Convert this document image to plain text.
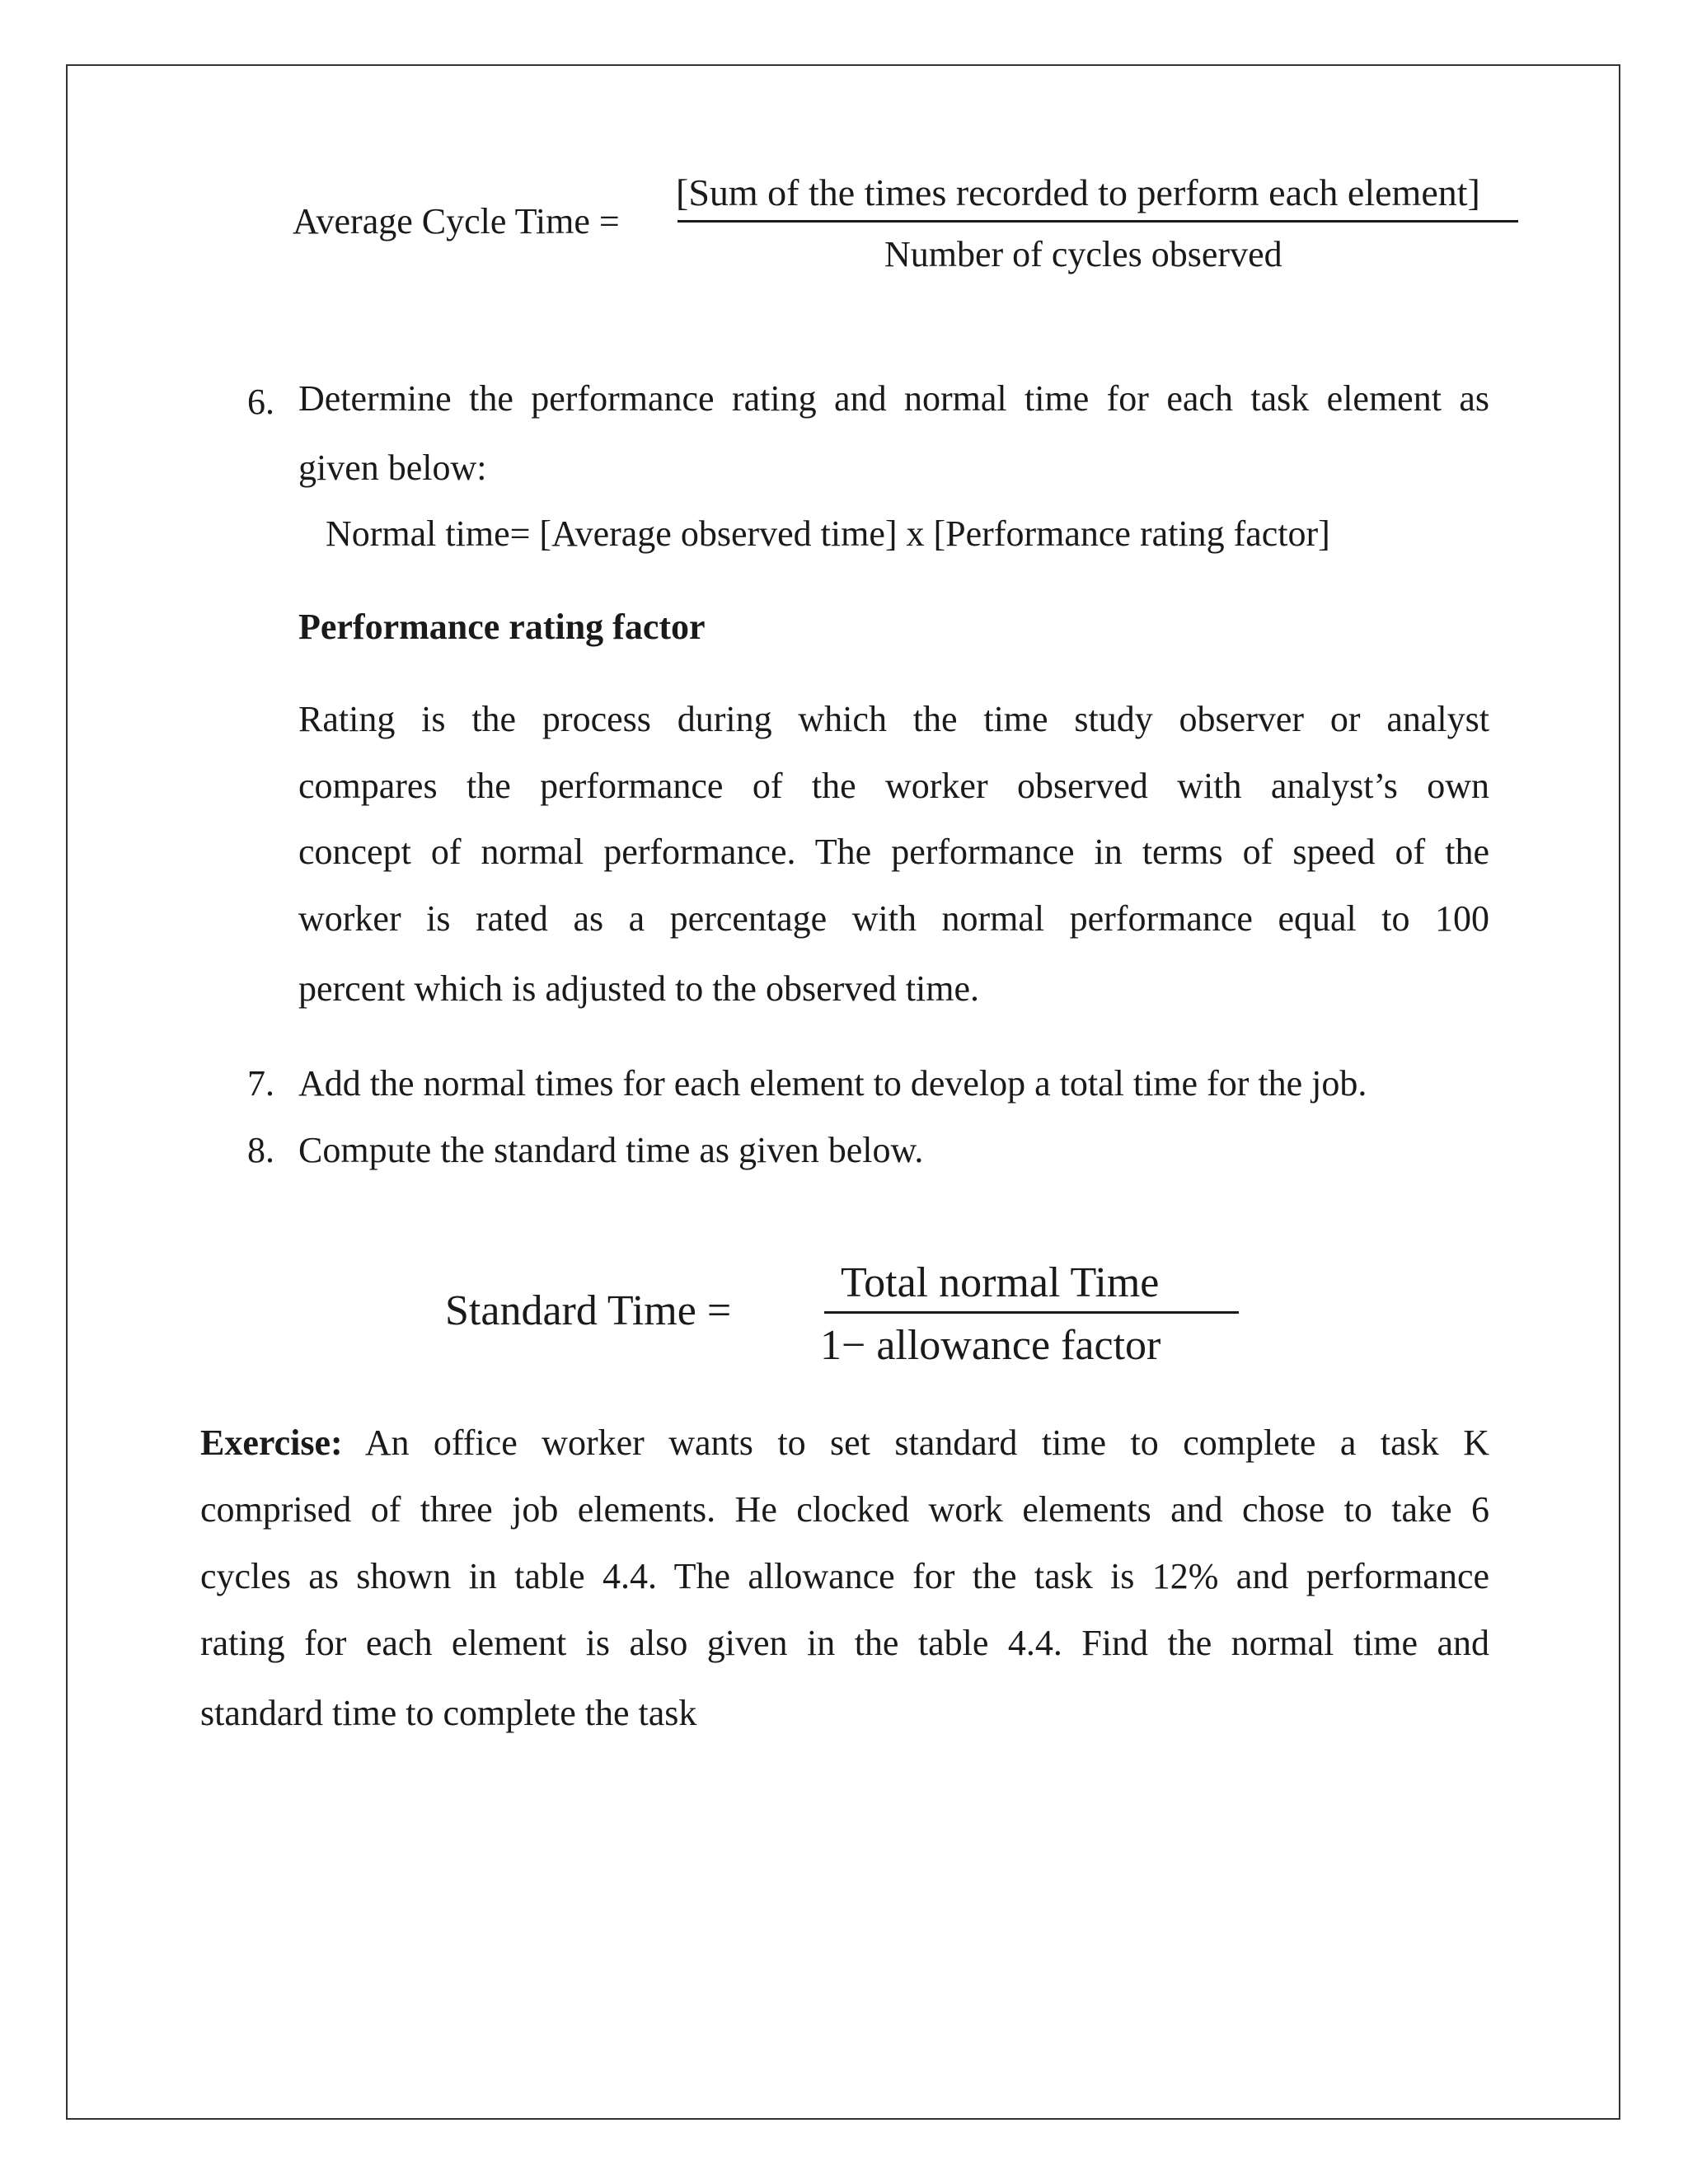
Average Cycle Time =
[Sum of the times recorded to perform each element]
Number of cycles observed
6. Determine the performance rating and normal time for each task element as
given below:
Normal time= [Average observed time] x [Performance rating factor]
Performance rating factor
Rating is the process during which the time study observer or analyst
compares the performance of the worker observed with analyst’s own
concept of normal performance. The performance in terms of speed of the
worker is rated as a percentage with normal performance equal to 100
percent which is adjusted to the observed time.
7. Add the normal times for each element to develop a total time for the job.
8. Compute the standard time as given below.
Standard Time =
Total normal Time
1− allowance factor
Exercise: An office worker wants to set standard time to complete a task K
comprised of three job elements. He clocked work elements and chose to take 6
cycles as shown in table 4.4. The allowance for the task is 12% and performance
rating for each element is also given in the table 4.4. Find the normal time and
standard time to complete the task
